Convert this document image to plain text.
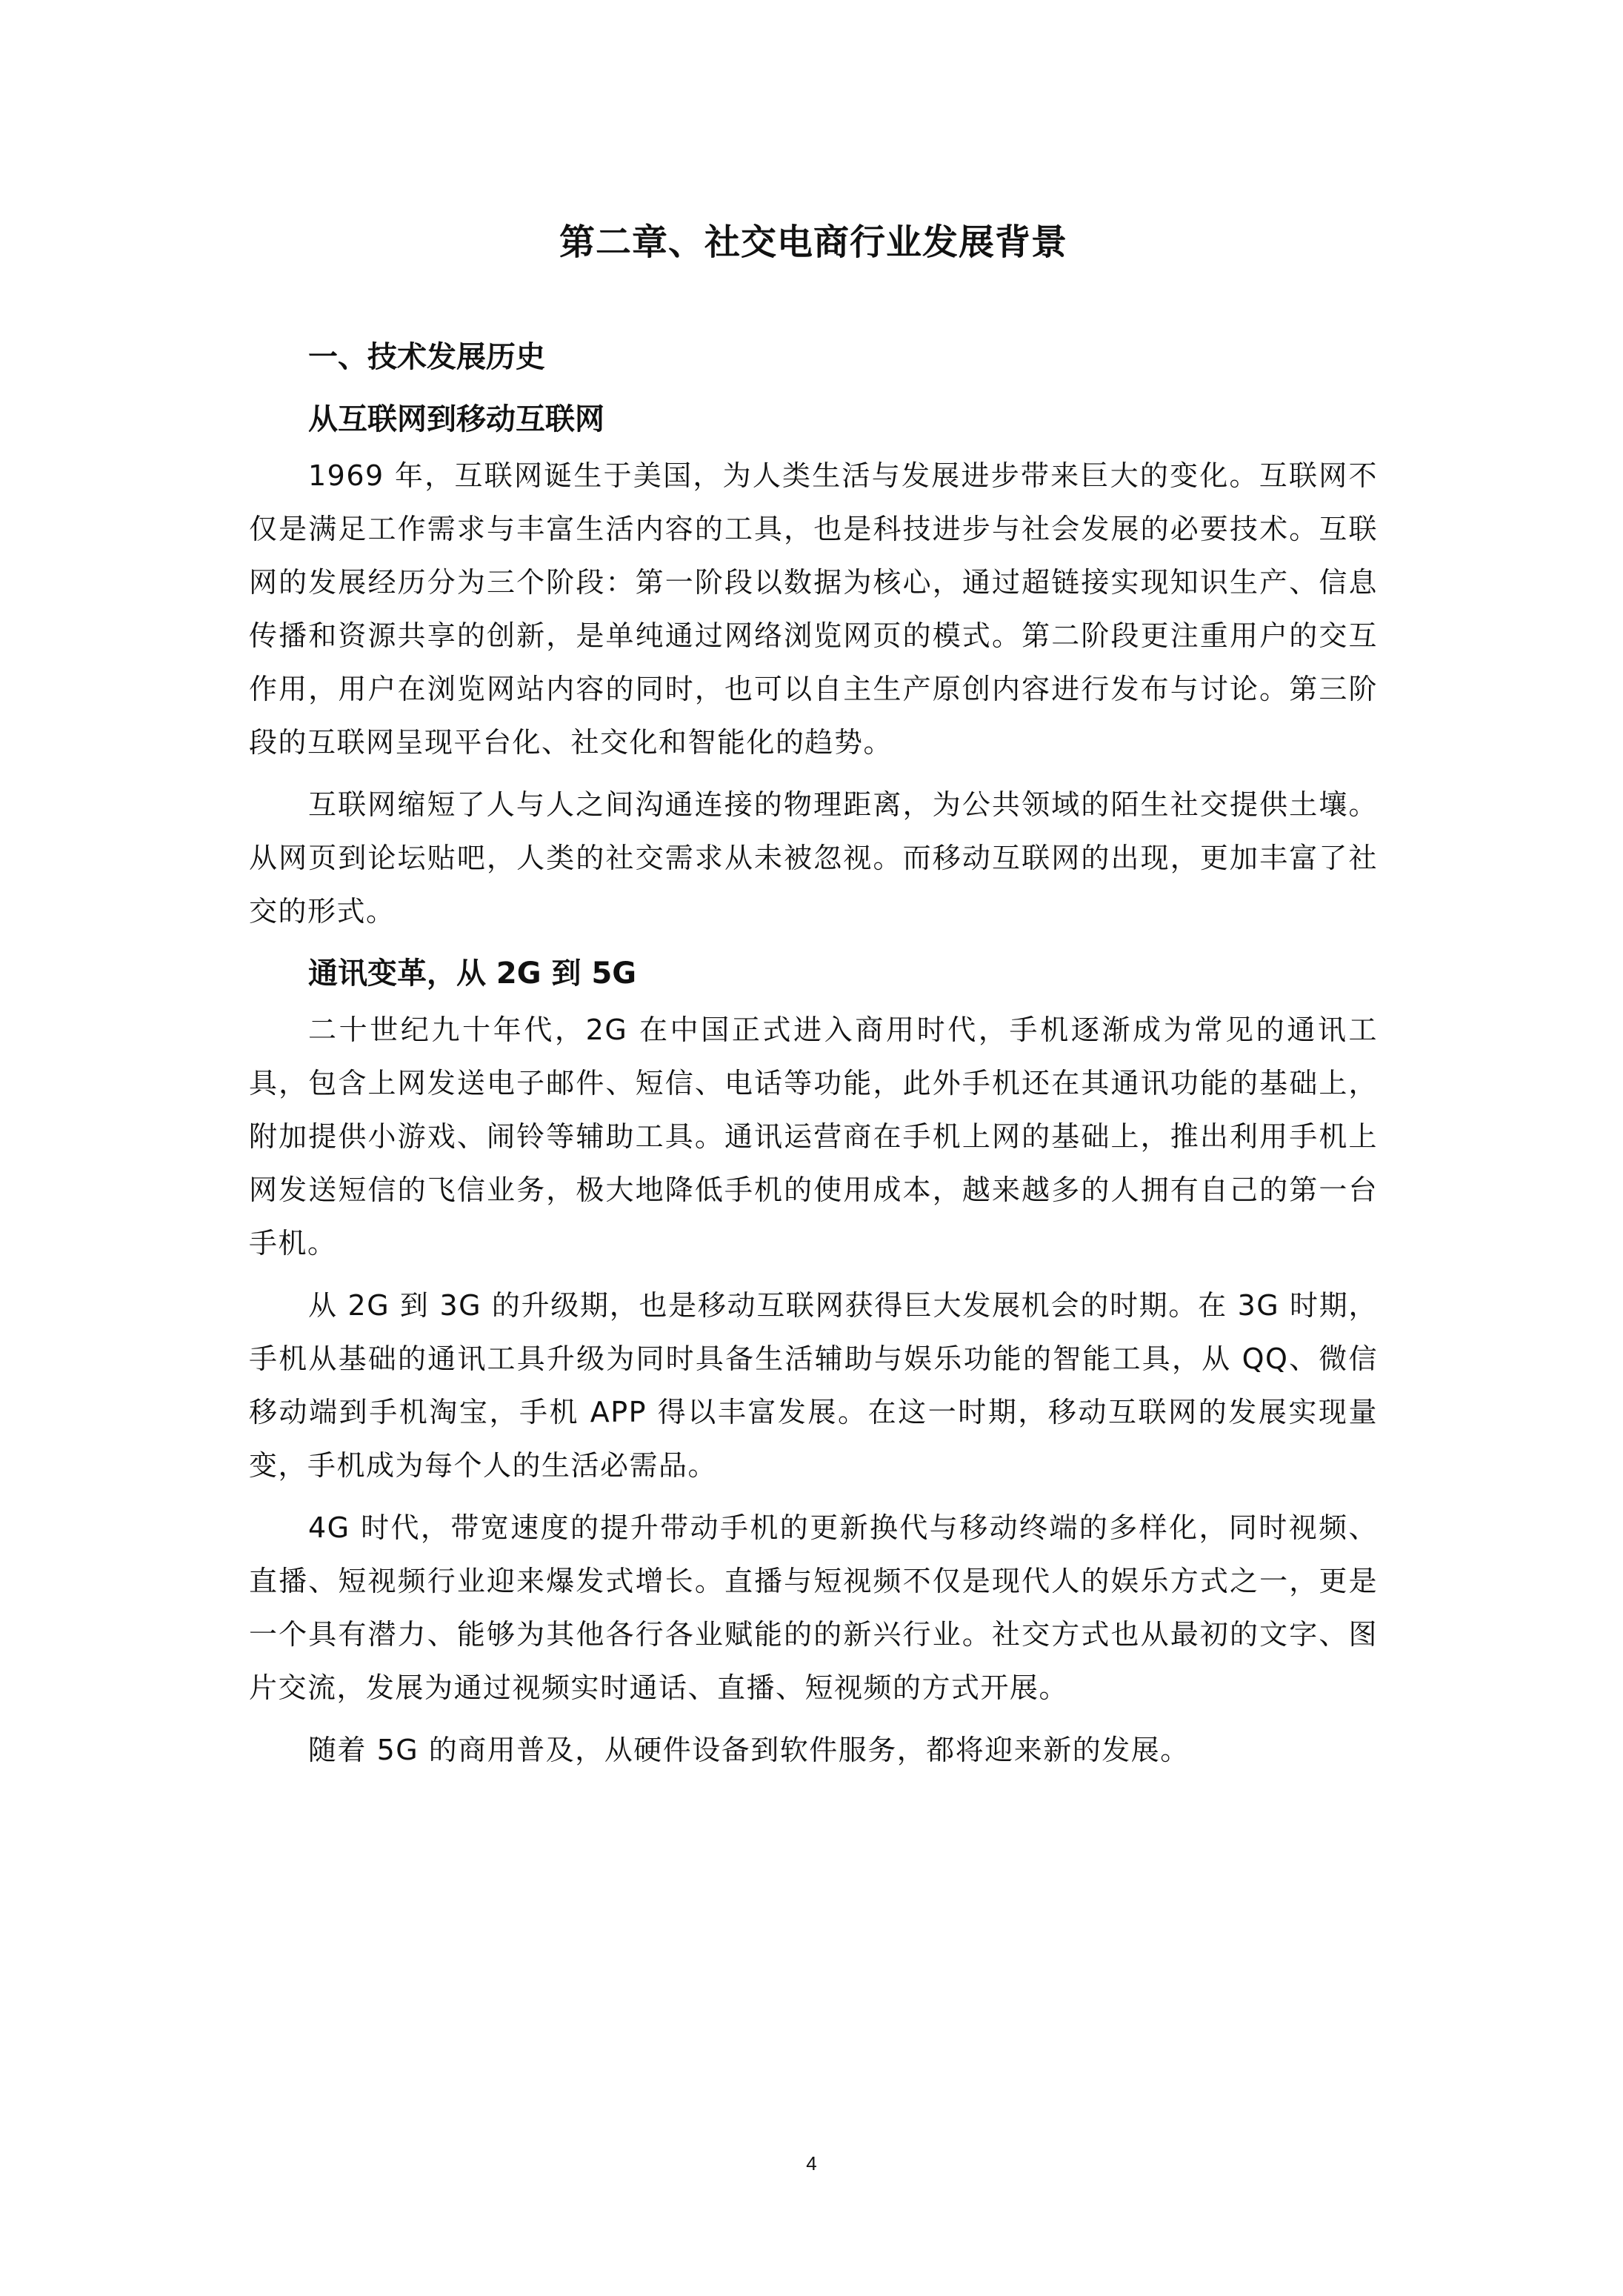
第二章、社交电商行业发展背景
一、技术发展历史
从互联网到移动互联网

1969 年，互联网诞生于美国，为人类生活与发展进步带来巨大的变化。互联网不仅是满足工作需求与丰富生活内容的工具，也是科技进步与社会发展的必要技术。互联网的发展经历分为三个阶段：第一阶段以数据为核心，通过超链接实现知识生产、信息传播和资源共享的创新，是单纯通过网络浏览网页的模式。第二阶段更注重用户的交互作用，用户在浏览网站内容的同时，也可以自主生产原创内容进行发布与讨论。第三阶段的互联网呈现平台化、社交化和智能化的趋势。

互联网缩短了人与人之间沟通连接的物理距离，为公共领域的陌生社交提供土壤。从网页到论坛贴吧，人类的社交需求从未被忽视。而移动互联网的出现，更加丰富了社交的形式。

通讯变革，从 2G 到 5G

二十世纪九十年代，2G 在中国正式进入商用时代，手机逐渐成为常见的通讯工具，包含上网发送电子邮件、短信、电话等功能，此外手机还在其通讯功能的基础上，附加提供小游戏、闹铃等辅助工具。通讯运营商在手机上网的基础上，推出利用手机上网发送短信的飞信业务，极大地降低手机的使用成本，越来越多的人拥有自己的第一台手机。

从 2G 到 3G 的升级期，也是移动互联网获得巨大发展机会的时期。在 3G 时期，手机从基础的通讯工具升级为同时具备生活辅助与娱乐功能的智能工具，从 QQ、微信移动端到手机淘宝，手机 APP 得以丰富发展。在这一时期，移动互联网的发展实现量变，手机成为每个人的生活必需品。

4G 时代，带宽速度的提升带动手机的更新换代与移动终端的多样化，同时视频、直播、短视频行业迎来爆发式增长。直播与短视频不仅是现代人的娱乐方式之一，更是一个具有潜力、能够为其他各行各业赋能的的新兴行业。社交方式也从最初的文字、图片交流，发展为通过视频实时通话、直播、短视频的方式开展。

随着 5G 的商用普及，从硬件设备到软件服务，都将迎来新的发展。

4
